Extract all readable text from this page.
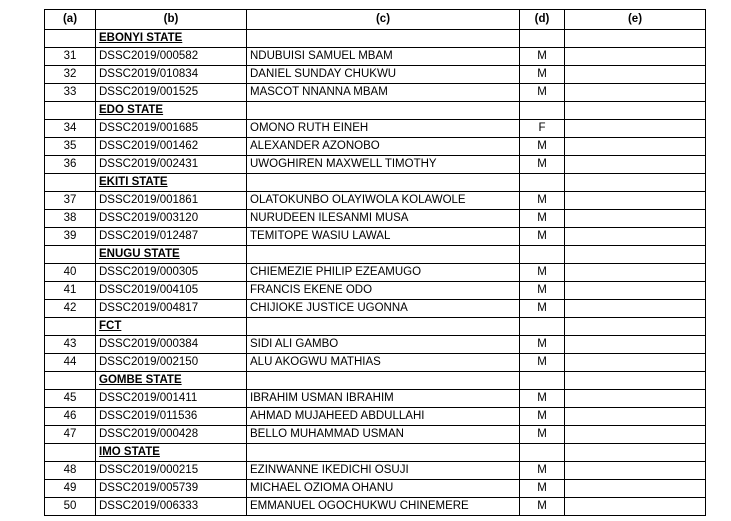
(a)	(b)	(c)	(d)	(e)
	EBONYI STATE			
31	DSSC2019/000582	NDUBUISI SAMUEL MBAM	M	
32	DSSC2019/010834	DANIEL SUNDAY CHUKWU	M	
33	DSSC2019/001525	MASCOT NNANNA MBAM	M	
	EDO STATE			
34	DSSC2019/001685	OMONO RUTH EINEH	F	
35	DSSC2019/001462	ALEXANDER AZONOBO	M	
36	DSSC2019/002431	UWOGHIREN MAXWELL TIMOTHY	M	
	EKITI STATE			
37	DSSC2019/001861	OLATOKUNBO OLAYIWOLA KOLAWOLE	M	
38	DSSC2019/003120	NURUDEEN ILESANMI MUSA	M	
39	DSSC2019/012487	TEMITOPE WASIU LAWAL	M	
	ENUGU STATE			
40	DSSC2019/000305	CHIEMEZIE PHILIP EZEAMUGO	M	
41	DSSC2019/004105	FRANCIS EKENE ODO	M	
42	DSSC2019/004817	CHIJIOKE JUSTICE UGONNA	M	
	FCT			
43	DSSC2019/000384	SIDI ALI GAMBO	M	
44	DSSC2019/002150	ALU AKOGWU MATHIAS	M	
	GOMBE STATE			
45	DSSC2019/001411	IBRAHIM USMAN IBRAHIM	M	
46	DSSC2019/011536	AHMAD MUJAHEED ABDULLAHI	M	
47	DSSC2019/000428	BELLO MUHAMMAD USMAN	M	
	IMO STATE			
48	DSSC2019/000215	EZINWANNE IKEDICHI OSUJI	M	
49	DSSC2019/005739	MICHAEL OZIOMA OHANU	M	
50	DSSC2019/006333	EMMANUEL OGOCHUKWU CHINEMERE	M	
